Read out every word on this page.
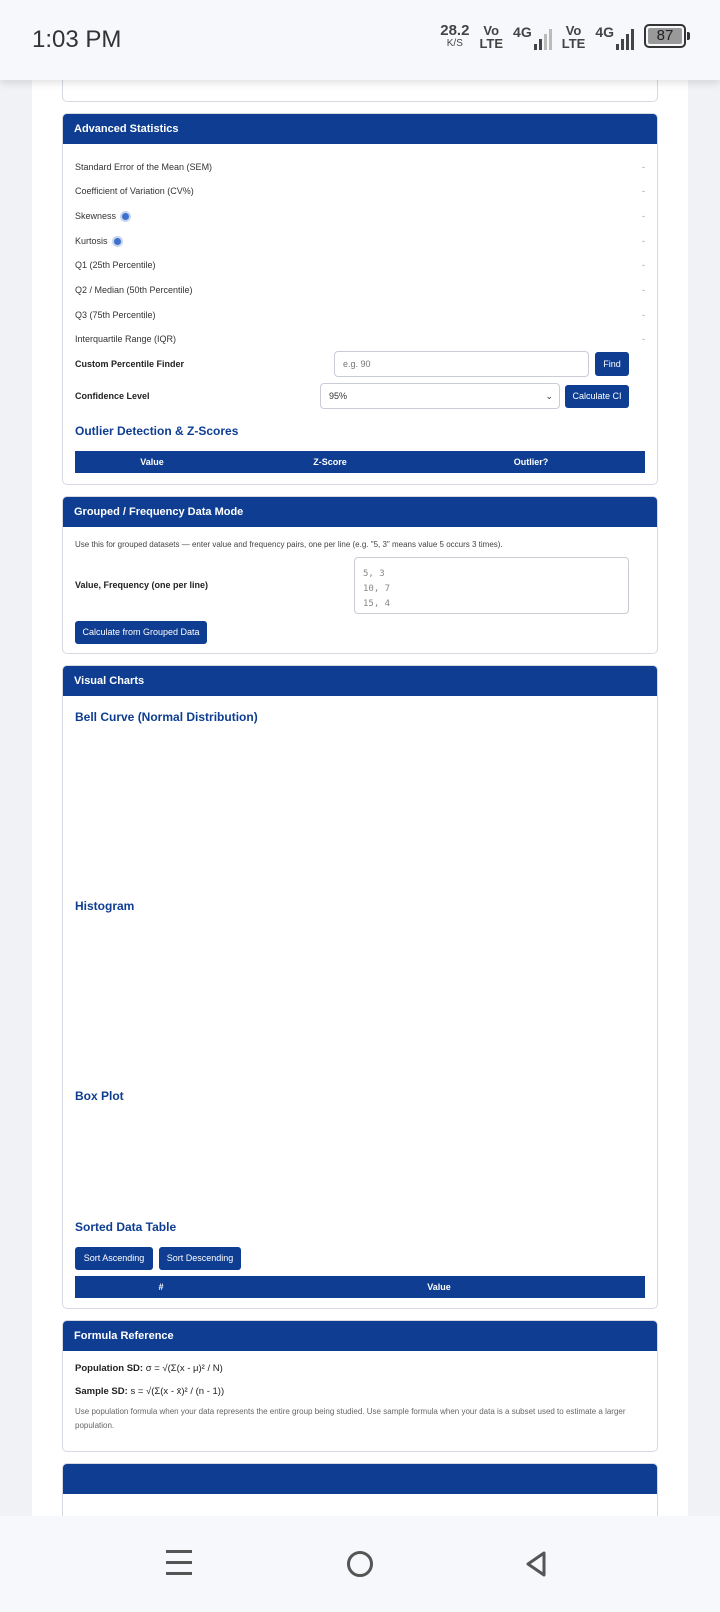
1:03 PM	28.2
K/S
Vo
LTE
4G	Vo
LTE
4G	87
Advanced Statistics
Standard Error of the Mean (SEM)	-
Coefficient of Variation (CV%)	-
Skewness	-
Kurtosis	-
Q1 (25th Percentile)	-
Q2 / Median (50th Percentile)	-
Q3 (75th Percentile)	-
Interquartile Range (IQR)	-
Custom Percentile Finder
e.g. 90	Find
Confidence Level	95%	⌄	Calculate CI
Outlier Detection & Z-Scores
Value	Z-Score	Outlier?
Grouped / Frequency Data Mode
Use this for grouped datasets — enter value and frequency pairs, one per line (e.g. "5, 3" means value 5 occurs 3 times).
Value, Frequency (one per line)
5, 3
10, 7
15, 4
Calculate from Grouped Data
Visual Charts
Bell Curve (Normal Distribution)
Histogram
Box Plot
Sorted Data Table
Sort Ascending	Sort Descending
#	Value
Formula Reference
Population SD: σ = √(Σ(x - μ)² / N)
Sample SD: s = √(Σ(x - x̄)² / (n - 1))
Use population formula when your data represents the entire group being studied. Use sample formula when your data is a subset used to estimate a larger population.
